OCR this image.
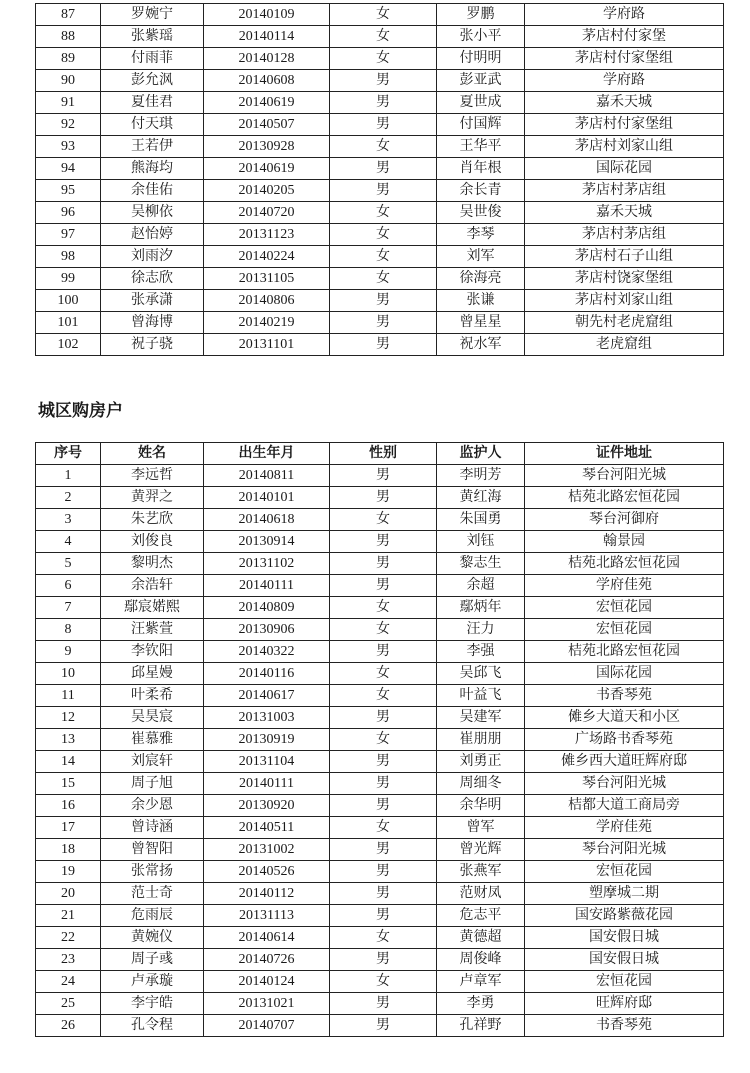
87	罗婉宁	20140109	女	罗鹏	学府路
88	张紫瑶	20140114	女	张小平	茅店村付家堡
89	付雨菲	20140128	女	付明明	茅店村付家堡组
90	彭允沨	20140608	男	彭亚武	学府路
91	夏佳君	20140619	男	夏世成	嘉禾天城
92	付天琪	20140507	男	付国辉	茅店村付家堡组
93	王若伊	20130928	女	王华平	茅店村刘家山组
94	熊海均	20140619	男	肖年根	国际花园
95	余佳佑	20140205	男	余长青	茅店村茅店组
96	吴柳依	20140720	女	吴世俊	嘉禾天城
97	赵怡婷	20131123	女	李琴	茅店村茅店组
98	刘雨汐	20140224	女	刘军	茅店村石子山组
99	徐志欣	20131105	女	徐海亮	茅店村饶家堡组
100	张承潇	20140806	男	张谦	茅店村刘家山组
101	曾海博	20140219	男	曾星星	朝先村老虎窟组
102	祝子骁	20131101	男	祝水军	老虎窟组
城区购房户
序号	姓名	出生年月	性别	监护人	证件地址
1	李远哲	20140811	男	李明芳	琴台河阳光城
2	黄羿之	20140101	男	黄红海	桔苑北路宏恒花园
3	朱艺欣	20140618	女	朱国勇	琴台河御府
4	刘俊良	20130914	男	刘钰	翰景园
5	黎明杰	20131102	男	黎志生	桔苑北路宏恒花园
6	余浩轩	20140111	男	余超	学府佳苑
7	鄢宸婼熙	20140809	女	鄢炳年	宏恒花园
8	汪紫萱	20130906	女	汪力	宏恒花园
9	李钦阳	20140322	男	李强	桔苑北路宏恒花园
10	邱星嫚	20140116	女	吴邱飞	国际花园
11	叶柔希	20140617	女	叶益飞	书香琴苑
12	吴昊宸	20131003	男	吴建军	傩乡大道天和小区
13	崔慕雅	20130919	女	崔朋朋	广场路书香琴苑
14	刘宸轩	20131104	男	刘勇正	傩乡西大道旺辉府邸
15	周子旭	20140111	男	周细冬	琴台河阳光城
16	余少恩	20130920	男	余华明	桔都大道工商局旁
17	曾诗涵	20140511	女	曾军	学府佳苑
18	曾智阳	20131002	男	曾光辉	琴台河阳光城
19	张常扬	20140526	男	张燕军	宏恒花园
20	范士奇	20140112	男	范财凤	塑摩城二期
21	危雨辰	20131113	男	危志平	国安路紫薇花园
22	黄婉仪	20140614	女	黄德超	国安假日城
23	周子彧	20140726	男	周俊峰	国安假日城
24	卢承璇	20140124	女	卢章军	宏恒花园
25	李宇皓	20131021	男	李勇	旺辉府邸
26	孔令程	20140707	男	孔祥野	书香琴苑
